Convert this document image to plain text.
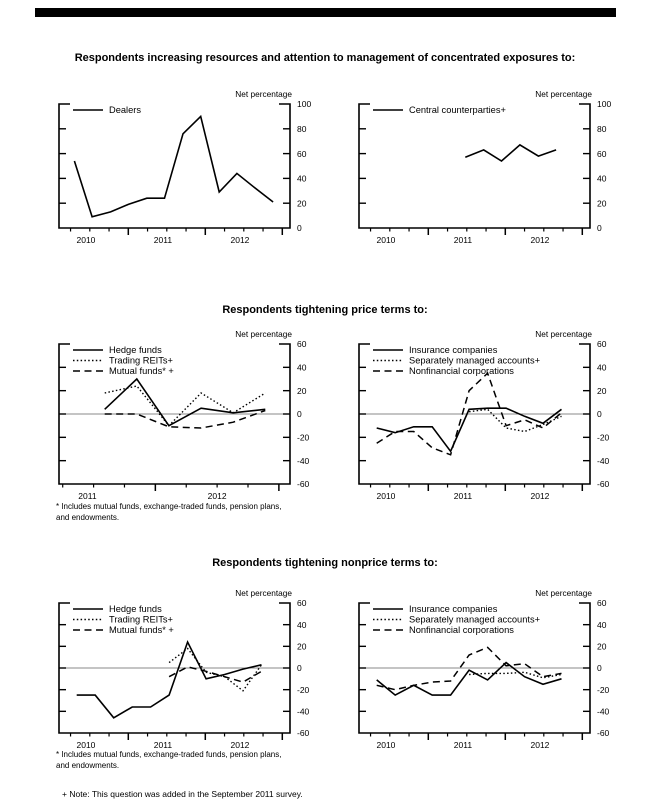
Respondents increasing resources and attention to management of concentrated exposures to:
Respondents tightening price terms to:
Respondents tightening nonprice terms to:
0
20
40
60
80
100
2010	2011	2012
Net percentage
Dealers
0
20
40
60
80
100
2010	2011	2012
Net percentage
Central counterparties+
-60
-40
-20
0
20
40
60
2011	2012
Net percentage
Hedge funds
Trading REITs+
Mutual funds* +
-60
-40
-20
0
20
40
60
2010	2011	2012
Net percentage
Insurance companies
Separately managed accounts+
Nonfinancial corporations
-60
-40
-20
0
20
40
60
2010	2011	2012
Net percentage
Hedge funds
Trading REITs+
Mutual funds* +
-60
-40
-20
0
20
40
60
2010	2011	2012
Net percentage
Insurance companies
Separately managed accounts+
Nonfinancial corporations
* Includes mutual funds, exchange-traded funds, pension plans,
and endowments.
* Includes mutual funds, exchange-traded funds, pension plans,
and endowments.
+ Note: This question was added in the September 2011 survey.
